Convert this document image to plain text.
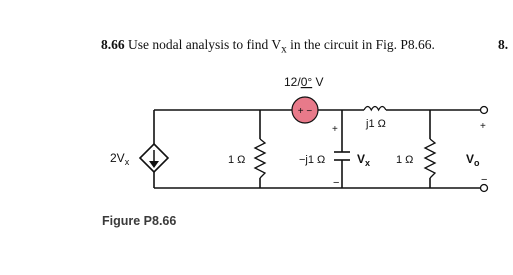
8.66 Use nodal analysis to find $V_x$ in the circuit in Fig. P8.66.	8.
$2V_x$
+ −
12/0° V
1 Ω	−j1 Ω
+
−
$V_x$
j1 Ω
1 Ω
+
−
$V_o$
Figure P8.66
